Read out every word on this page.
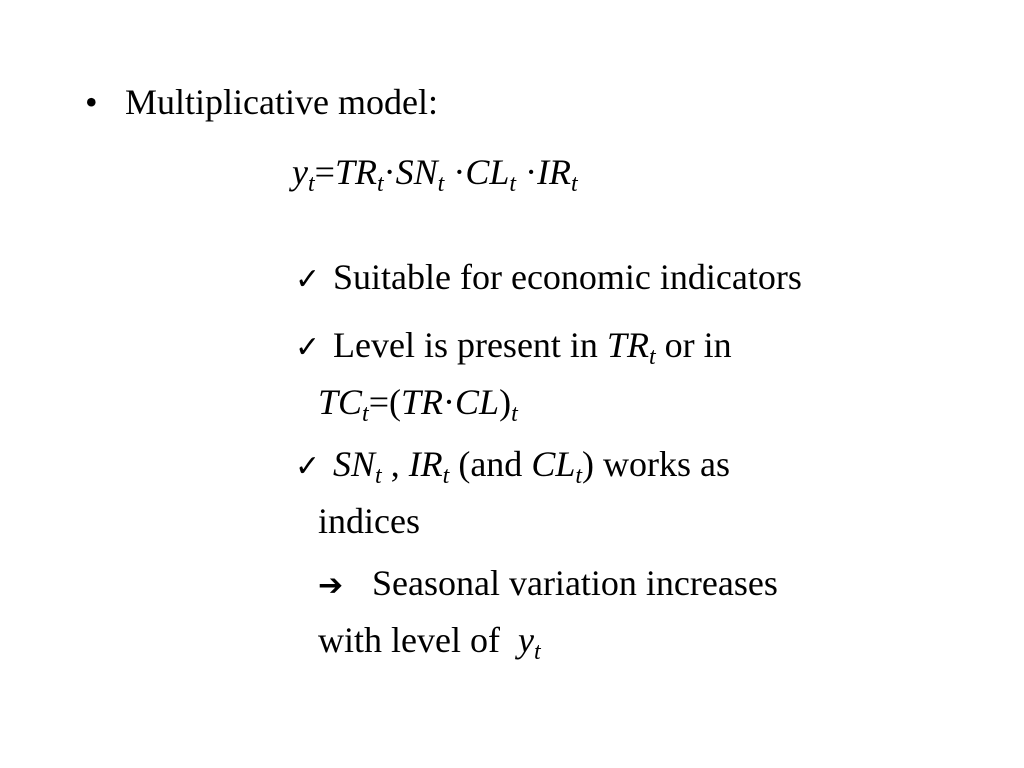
• Multiplicative model:
$y_t=TR_t\cdot SN_t \cdot CL_t \cdot IR_t$
✓ Suitable for economic indicators
✓ Level is present in $TR_t$ or in
$TC_t=(TR\cdot CL)_t$
✓ $SN_t$ , $IR_t$ (and $CL_t$) works as
indices
➔ Seasonal variation increases
with level of  $y_t$
